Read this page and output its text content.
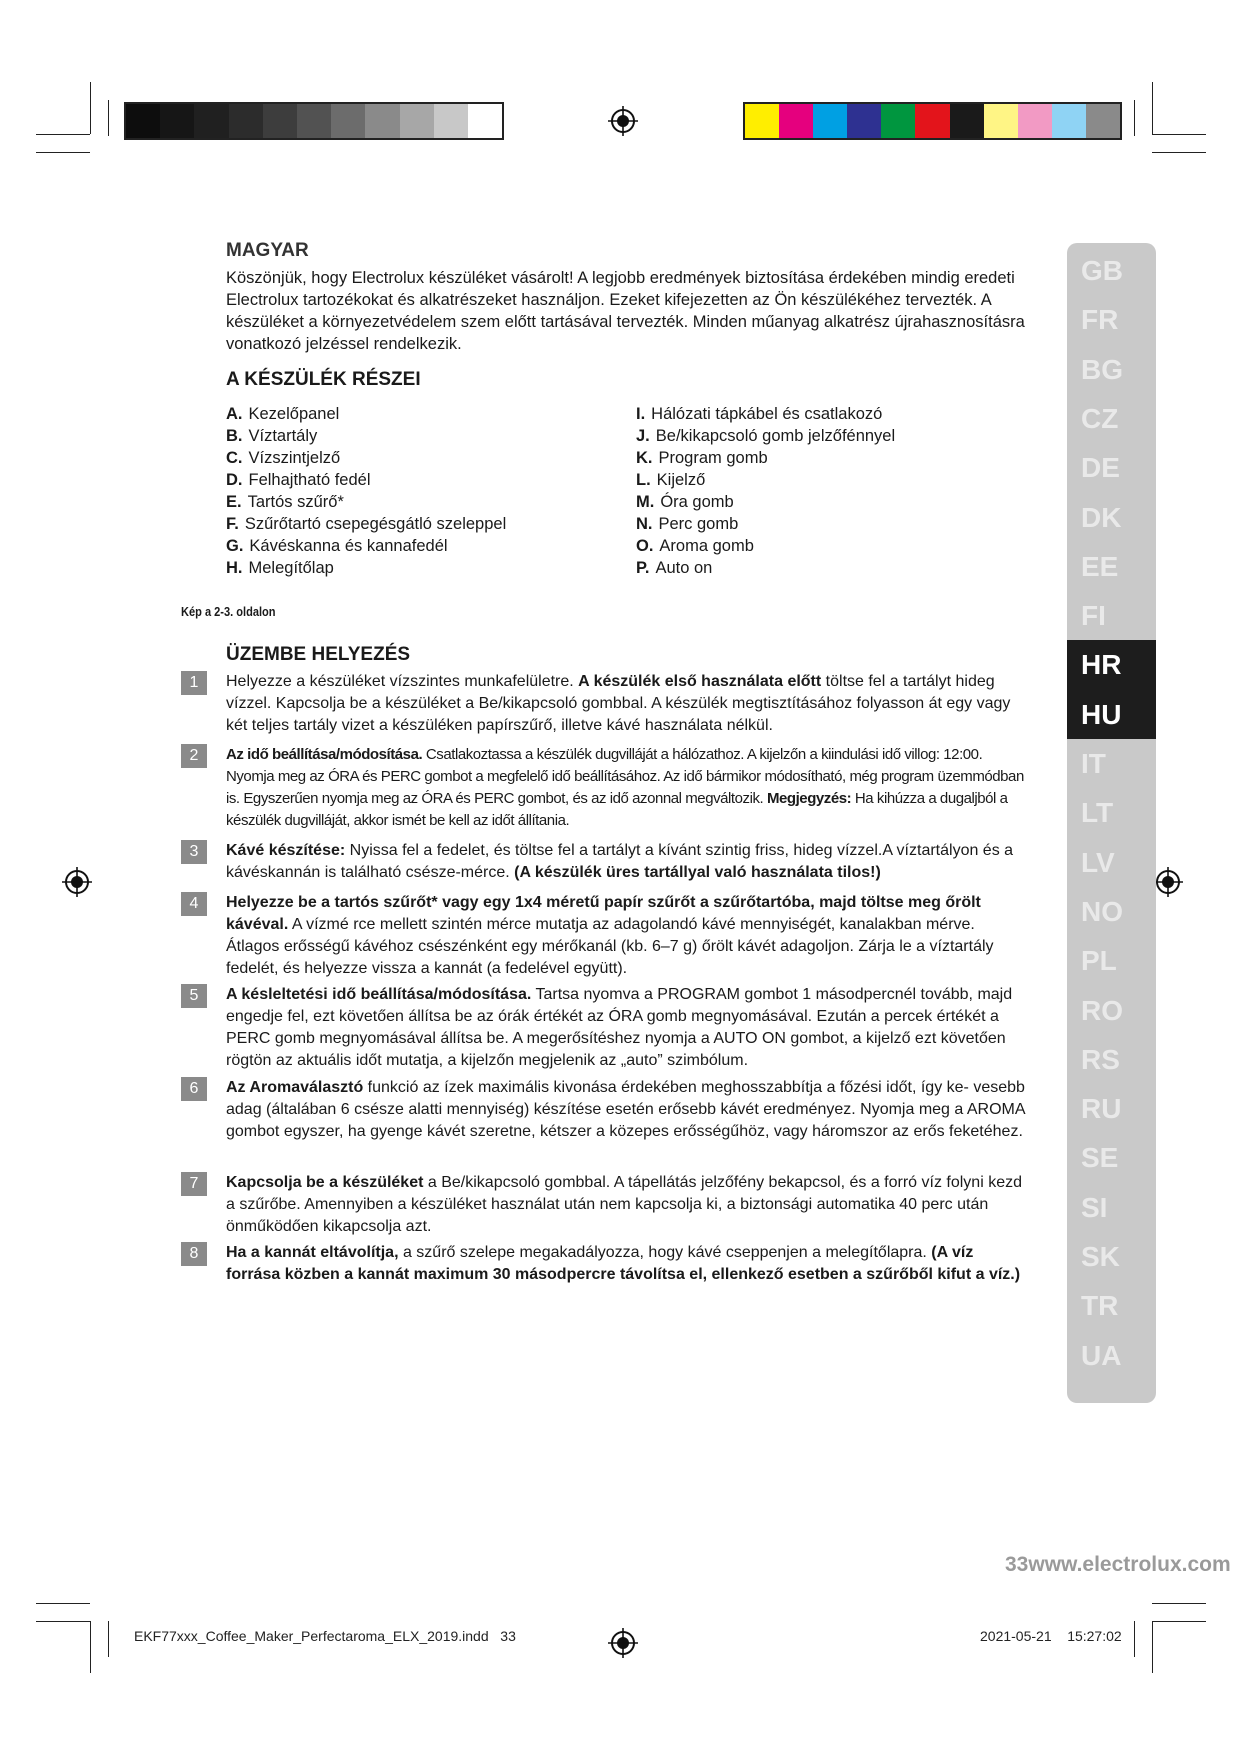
MAGYAR
Köszönjük, hogy Electrolux készüléket vásárolt! A legjobb eredmények biztosítása érdekében mindig eredeti Electrolux tartozékokat és alkatrészeket használjon. Ezeket kifejezetten az Ön készülékéhez tervezték. A készüléket a környezetvédelem szem előtt tartásával tervezték. Minden műanyag alkatrész újrahasznosításra vonatkozó jelzéssel rendelkezik.
A KÉSZÜLÉK RÉSZEI
A. Kezelőpanel
B. Víztartály
C. Vízszintjelző
D. Felhajtható fedél
E. Tartós szűrő*
F. Szűrőtartó csepegésgátló szeleppel
G. Kávéskanna és kannafedél
H. Melegítőlap
I. Hálózati tápkábel és csatlakozó
J. Be/kikapcsoló gomb jelzőfénnyel
K. Program gomb
L. Kijelző
M. Óra gomb
N. Perc gomb
O. Aroma gomb
P. Auto on
Kép a 2-3. oldalon
ÜZEMBE HELYEZÉS
1	Helyezze a készüléket vízszintes munkafelületre. A készülék első használata előtt töltse fel a tartályt hideg vízzel. Kapcsolja be a készüléket a Be/kikapcsoló gombbal. A készülék megtisztításához folyasson át egy vagy két teljes tartály vizet a készüléken papírszűrő, illetve kávé használata nélkül.
2	Az idő beállítása/módosítása. Csatlakoztassa a készülék dugvilláját a hálózathoz. A kijelzőn a kiindulási idő villog: 12:00. Nyomja meg az ÓRA és PERC gombot a megfelelő idő beállításához. Az idő bármikor módosítható, még program üzemmódban is. Egyszerűen nyomja meg az ÓRA és PERC gombot, és az idő azonnal megváltozik. Megjegyzés: Ha kihúzza a dugaljból a készülék dugvilláját, akkor ismét be kell az időt állítania.
3	Kávé készítése: Nyissa fel a fedelet, és töltse fel a tartályt a kívánt szintig friss, hideg vízzel.A víztartályon és a kávéskannán is található csésze-mérce. (A készülék üres tartállyal való használata tilos!)
4	Helyezze be a tartós szűrőt* vagy egy 1x4 méretű papír szűrőt a szűrőtartóba, majd töltse meg őrölt kávéval. A vízmé rce mellett szintén mérce mutatja az adagolandó kávé mennyiségét, kanalakban mérve. Átlagos erősségű kávéhoz csészénként egy mérőkanál (kb. 6–7 g) őrölt kávét adagoljon. Zárja le a víztartály fedelét, és helyezze vissza a kannát (a fedelével együtt).
5	A késleltetési idő beállítása/módosítása. Tartsa nyomva a PROGRAM gombot 1 másodpercnél tovább, majd engedje fel, ezt követően állítsa be az órák értékét az ÓRA gomb megnyomásával. Ezután a percek értékét a PERC gomb megnyomásával állítsa be. A megerősítéshez nyomja a AUTO ON gombot, a kijelző ezt követően rögtön az aktuális időt mutatja, a kijelzőn megjelenik az „auto” szimbólum.
6	Az Aromaválasztó funkció az ízek maximális kivonása érdekében meghosszabbítja a főzési időt, így ke- vesebb adag (általában 6 csésze alatti mennyiség) készítése esetén erősebb kávét eredményez. Nyomja meg a AROMA gombot egyszer, ha gyenge kávét szeretne, kétszer a közepes erősségűhöz, vagy háromszor az erős feketéhez.
7	Kapcsolja be a készüléket a Be/kikapcsoló gombbal. A tápellátás jelzőfény bekapcsol, és a forró víz folyni kezd a szűrőbe. Amennyiben a készüléket használat után nem kapcsolja ki, a biztonsági automatika 40 perc után önműködően kikapcsolja azt.
8	Ha a kannát eltávolítja, a szűrő szelepe megakadályozza, hogy kávé cseppenjen a melegítőlapra. (A víz forrása közben a kannát maximum 30 másodpercre távolítsa el, ellenkező esetben a szűrőből kifut a víz.)
GB
FR
BG
CZ
DE
DK
EE
FI
HR
HU
IT
LT
LV
NO
PL
RO
RS
RU
SE
SI
SK
TR
UA
33www.electrolux.com
EKF77xxx_Coffee_Maker_Perfectaroma_ELX_2019.indd 33	2021-05-21 15:27:02
